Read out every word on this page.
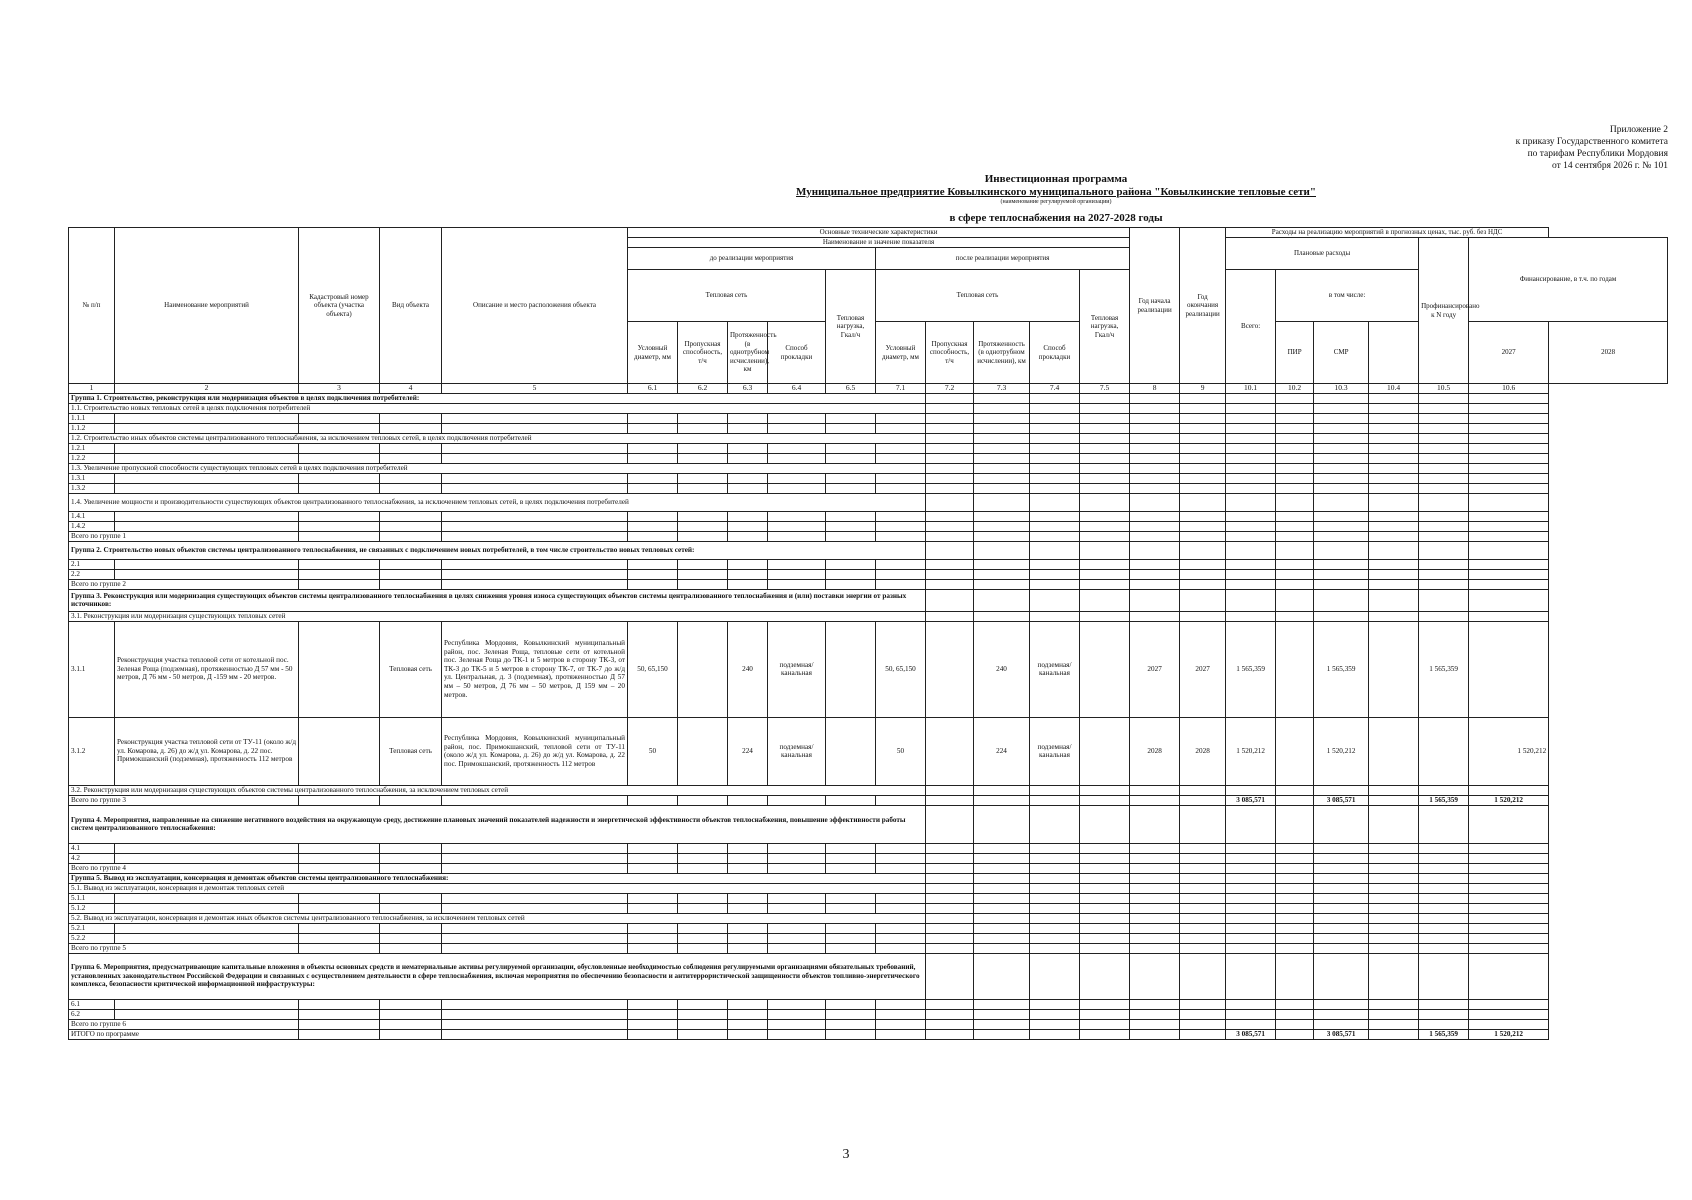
Приложение 2
к приказу Государственного комитета
по тарифам Республики Мордовия
от 14 сентября 2026 г. № 101
Инвестиционная программа
Муниципальное предприятие Ковылкинского муниципального района "Ковылкинские тепловые сети"
(наименование регулируемой организации)
в сфере теплоснабжения на 2027-2028 годы
№ п/п	Наименование мероприятий	Кадастровый номер объекта (участка объекта)	Вид объекта	Описание и место расположения объекта	Основные технические характеристики										Год начала реализации	Год окончания реализации	Расходы на реализацию мероприятий в прогнозных ценах, тыс. руб. без НДС						
					Наименование и значение показателя												Плановые расходы				Профинансировано к N году	Финансирование, в т.ч. по годам	
					до реализации мероприятия					после реализации мероприятия													
					Тепловая сеть				Тепловая нагрузка, Гкал/ч	Тепловая сеть				Тепловая нагрузка, Гкал/ч			Всего:	в том числе:					
					Условный диаметр, мм	Пропускная способность, т/ч	Протяженность (в однотрубном исчислении), км	Способ прокладки		Условный диаметр, мм	Пропускная способность, т/ч	Протяженность (в однотрубном исчислении), км	Способ прокладки					ПИР	СМР			2027	2028
1	2	3	4	5	6.1	6.2	6.3	6.4	6.5	7.1	7.2	7.3	7.4	7.5	8	9	10.1	10.2	10.3	10.4	10.5	10.6	
Группа 1. Строительство, реконструкция или модернизация объектов в целях подключения потребителей:																							
1.1. Строительство новых тепловых сетей в целях подключения потребителей																							
1.1.1																							
1.1.2																							
1.2. Строительство иных объектов системы централизованного теплоснабжения, за исключением тепловых сетей, в целях подключения потребителей																							
1.2.1																							
1.2.2																							
1.3. Увеличение пропускной способности существующих тепловых сетей в целях подключения потребителей																							
1.3.1																							
1.3.2																							
1.4. Увеличение мощности и производительности существующих объектов централизованного теплоснабжения, за исключением тепловых сетей, в целях подключения потребителей																							
1.4.1																							
1.4.2																							
Всего по группе 1																							
Группа 2. Строительство новых объектов системы централизованного теплоснабжения, не связанных с подключением новых потребителей, в том числе строительство новых тепловых сетей:																							
2.1																							
2.2																							
Всего по группе 2																							
Группа 3. Реконструкция или модернизация существующих объектов системы централизованного теплоснабжения в целях снижения уровня износа существующих объектов системы централизованного теплоснабжения и (или) поставки энергии от разных источников:																							
3.1. Реконструкция или модернизация существующих тепловых сетей																							
3.1.1	Реконструкция участка тепловой сети от котельной пос. Зеленая Роща (подземная), протяженностью Д 57 мм - 50 метров, Д 76 мм - 50 метров, Д -159 мм - 20 метров.		Тепловая сеть	Республика Мордовия, Ковылкинский муниципальный район, пос. Зеленая Роща, тепловые сети от котельной пос. Зеленая Роща до ТК-1 и 5 метров в сторону ТК-3, от ТК-3 до ТК-5 и 5 метров в сторону ТК-7, от ТК-7 до ж/д ул. Центральная, д. 3 (подземная), протяженностью Д 57 мм – 50 метров, Д 76 мм – 50 метров, Д 159 мм – 20 метров.	50, 65,150		240	подземная/канальная		50, 65,150		240	подземная/канальная		2027	2027	1 565,359		1 565,359		1 565,359		
3.1.2	Реконструкция участка тепловой сети от ТУ-11 (около ж/д ул. Комарова, д. 26) до ж/д ул. Комарова, д. 22 пос. Примокшанский (подземная), протяженность 112 метров		Тепловая сеть	Республика Мордовия, Ковылкинский муниципальный район, пос. Примокшанский, тепловой сети от ТУ-11 (около ж/д ул. Комарова, д. 26) до ж/д ул. Комарова, д. 22 пос. Примокшанский, протяженность 112 метров	50		224	подземная/канальная		50		224	подземная/канальная		2028	2028	1 520,212		1 520,212			1 520,212	
3.2. Реконструкция или модернизация существующих объектов системы централизованного теплоснабжения, за исключением тепловых сетей																							
Всего по группе 3																	3 085,571		3 085,571		1 565,359	1 520,212	
Группа 4. Мероприятия, направленные на снижение негативного воздействия на окружающую среду, достижение плановых значений показателей надежности и энергетической эффективности объектов теплоснабжения, повышение эффективности работы систем централизованного теплоснабжения:																							
4.1																							
4.2																							
Всего по группе 4																							
Группа 5. Вывод из эксплуатации, консервация и демонтаж объектов системы централизованного теплоснабжения:																							
5.1. Вывод из эксплуатации, консервация и демонтаж тепловых сетей																							
5.1.1																							
5.1.2																							
5.2. Вывод из эксплуатации, консервация и демонтаж иных объектов системы централизованного теплоснабжения, за исключением тепловых сетей																							
5.2.1																							
5.2.2																							
Всего по группе 5																							
Группа 6. Мероприятия, предусматривающие капитальные вложения в объекты основных средств и нематериальные активы регулируемой организации, обусловленные необходимостью соблюдения регулируемыми организациями обязательных требований, установленных законодательством Российской Федерации и связанных с осуществлением деятельности в сфере теплоснабжения, включая мероприятия по обеспечению безопасности и антитеррористической защищенности объектов топливно-энергетического комплекса, безопасности критической информационной инфраструктуры:																							
6.1																							
6.2																							
Всего по группе 6																							
ИТОГО по программе																	3 085,571		3 085,571		1 565,359	1 520,212	
3
